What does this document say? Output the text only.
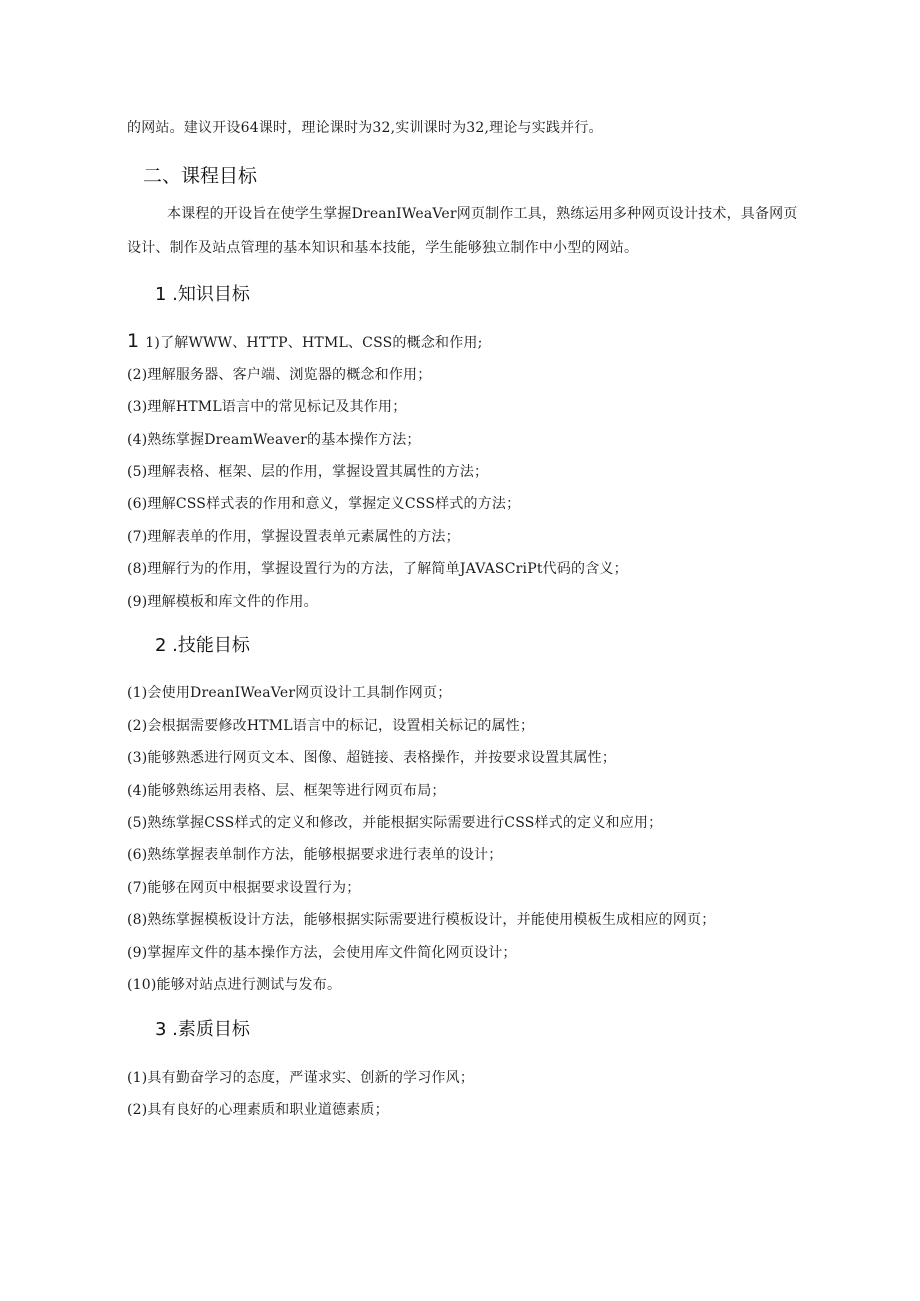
的网站。建议开设64课时，理论课时为32,实训课时为32,理论与实践并行。
二、课程目标
本课程的开设旨在使学生掌握DreanIWeaVer网页制作工具，熟练运用多种网页设计技术，具备网页
设计、制作及站点管理的基本知识和基本技能，学生能够独立制作中小型的网站。
1 .知识目标
1 1)了解WWW、HTTP、HTML、CSS的概念和作用;
(2)理解服务器、客户端、浏览器的概念和作用；
(3)理解HTML语言中的常见标记及其作用；
(4)熟练掌握DreamWeaver的基本操作方法；
(5)理解表格、框架、层的作用，掌握设置其属性的方法；
(6)理解CSS样式表的作用和意义，掌握定义CSS样式的方法；
(7)理解表单的作用，掌握设置表单元素属性的方法；
(8)理解行为的作用，掌握设置行为的方法，了解简单JAVASCriPt代码的含义；
(9)理解模板和库文件的作用。
2 .技能目标
(1)会使用DreanIWeaVer网页设计工具制作网页；
(2)会根据需要修改HTML语言中的标记，设置相关标记的属性；
(3)能够熟悉进行网页文本、图像、超链接、表格操作，并按要求设置其属性；
(4)能够熟练运用表格、层、框架等进行网页布局；
(5)熟练掌握CSS样式的定义和修改，并能根据实际需要进行CSS样式的定义和应用；
(6)熟练掌握表单制作方法，能够根据要求进行表单的设计；
(7)能够在网页中根据要求设置行为；
(8)熟练掌握模板设计方法，能够根据实际需要进行模板设计，并能使用模板生成相应的网页；
(9)掌握库文件的基本操作方法，会使用库文件简化网页设计；
(10)能够对站点进行测试与发布。
3 .素质目标
(1)具有勤奋学习的态度，严谨求实、创新的学习作风；
(2)具有良好的心理素质和职业道德素质；
